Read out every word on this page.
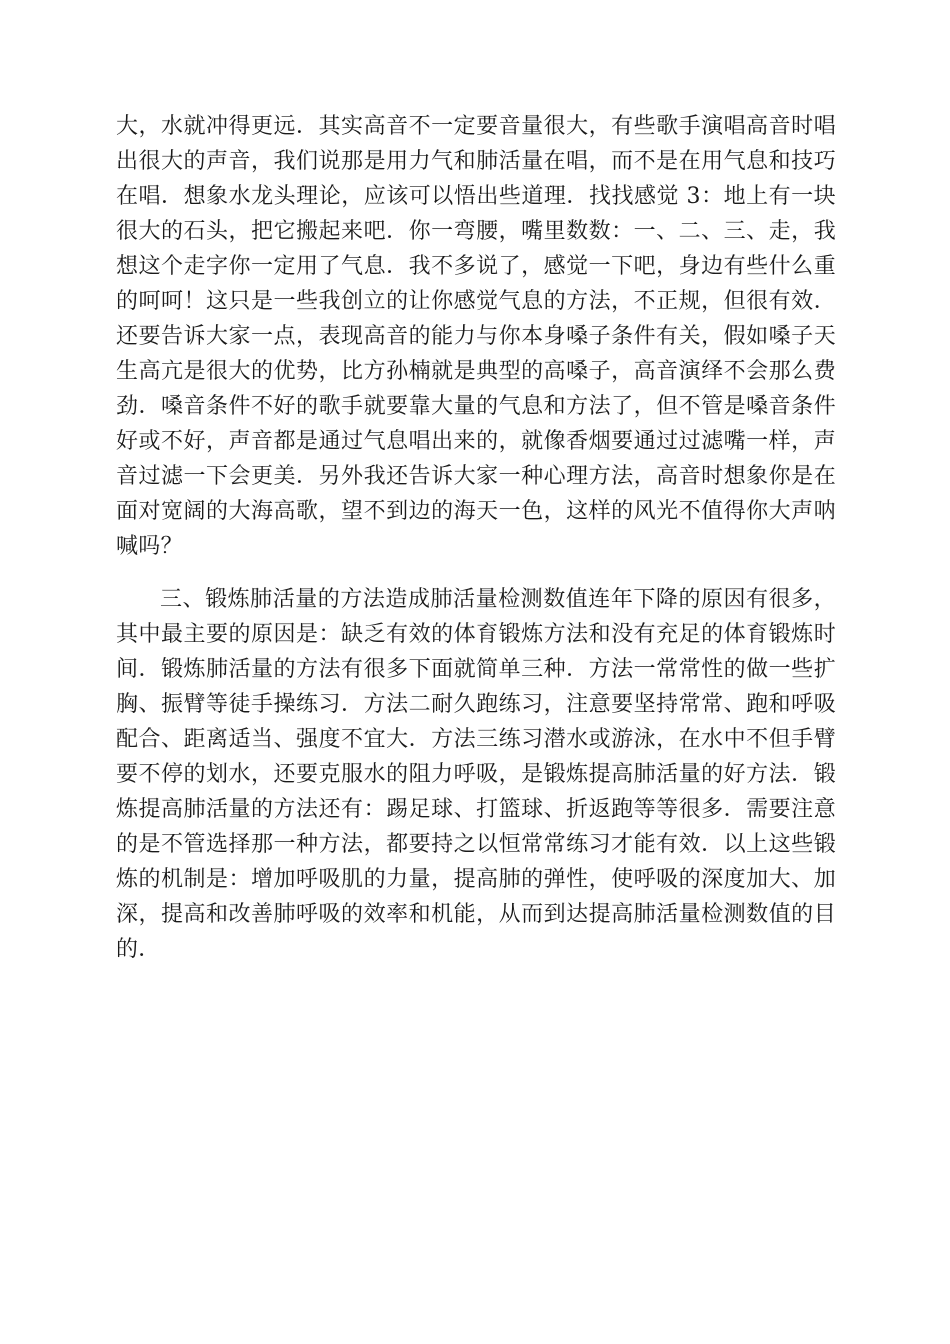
大，水就冲得更远．其实高音不一定要音量很大，有些歌手演唱高音时唱出很大的声音，我们说那是用力气和肺活量在唱，而不是在用气息和技巧在唱．想象水龙头理论，应该可以悟出些道理．找找感觉 3：地上有一块很大的石头，把它搬起来吧．你一弯腰，嘴里数数：一、二、三、走，我想这个走字你一定用了气息．我不多说了，感觉一下吧，身边有些什么重的呵呵！这只是一些我创立的让你感觉气息的方法，不正规，但很有效．还要告诉大家一点，表现高音的能力与你本身嗓子条件有关，假如嗓子天生高亢是很大的优势，比方孙楠就是典型的高嗓子，高音演绎不会那么费劲．嗓音条件不好的歌手就要靠大量的气息和方法了，但不管是嗓音条件好或不好，声音都是通过气息唱出来的，就像香烟要通过过滤嘴一样，声音过滤一下会更美．另外我还告诉大家一种心理方法，高音时想象你是在面对宽阔的大海高歌，望不到边的海天一色，这样的风光不值得你大声呐喊吗？

三、锻炼肺活量的方法造成肺活量检测数值连年下降的原因有很多，其中最主要的原因是：缺乏有效的体育锻炼方法和没有充足的体育锻炼时间．锻炼肺活量的方法有很多下面就简单三种．方法一常常性的做一些扩胸、振臂等徒手操练习．方法二耐久跑练习，注意要坚持常常、跑和呼吸配合、距离适当、强度不宜大．方法三练习潜水或游泳，在水中不但手臂要不停的划水，还要克服水的阻力呼吸，是锻炼提高肺活量的好方法．锻炼提高肺活量的方法还有：踢足球、打篮球、折返跑等等很多．需要注意的是不管选择那一种方法，都要持之以恒常常练习才能有效．以上这些锻炼的机制是：增加呼吸肌的力量，提高肺的弹性，使呼吸的深度加大、加深，提高和改善肺呼吸的效率和机能，从而到达提高肺活量检测数值的目的．
